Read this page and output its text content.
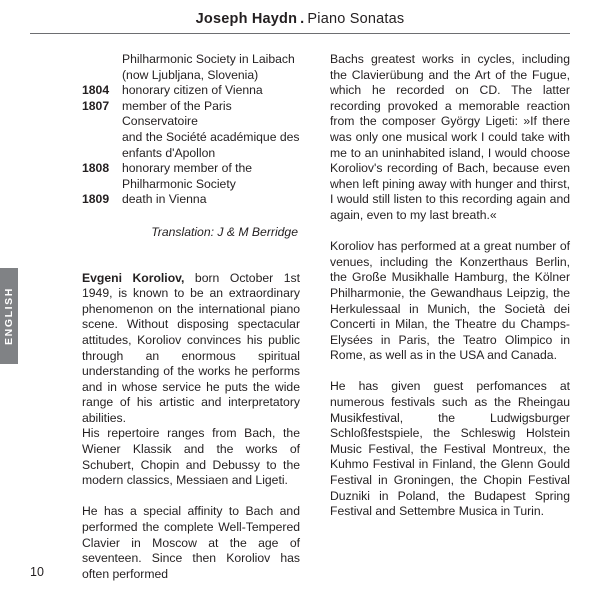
Joseph Haydn . Piano Sonatas
ENGLISH
10
Philharmonic Society in Laibach
(now Ljubljana, Slovenia)
1804	honorary citizen of Vienna
1807	member of the Paris Conservatoire
and the Société académique des
enfants d'Apollon
1808	honorary member of the
Philharmonic Society
1809	death in Vienna
Translation: J & M Berridge

Evgeni Koroliov, born October 1st 1949, is known to be an extraordinary phenomenon on the international piano scene. Without disposing spectacular attitudes, Koroliov convinces his public through an enormous spiritual understanding of the works he performs and in whose service he puts the wide range of his artistic and interpretatory abilities.

His repertoire ranges from Bach, the Wiener Klassik and the works of Schubert, Chopin and Debussy to the modern classics, Messiaen and Ligeti.

He has a special affinity to Bach and performed the complete Well-Tempered Clavier in Moscow at the age of seventeen. Since then Koroliov has often performed

Bachs greatest works in cycles, including the Clavierübung and the Art of the Fugue, which he recorded on CD. The latter recording provoked a memorable reaction from the composer György Ligeti: »If there was only one musical work I could take with me to an uninhabited island, I would choose Koroliov's recording of Bach, because even when left pining away with hunger and thirst, I would still listen to this recording again and again, even to my last breath.«

Koroliov has performed at a great number of venues, including the Konzerthaus Berlin, the Große Musikhalle Hamburg, the Kölner Philharmonie, the Gewandhaus Leipzig, the Herkulessaal in Munich, the Società dei Concerti in Milan, the Theatre du Champs-Elysées in Paris, the Teatro Olimpico in Rome, as well as in the USA and Canada.

He has given guest perfomances at numerous festivals such as the Rheingau Musikfestival, the Ludwigsburger Schloßfestspiele, the Schleswig Holstein Music Festival, the Festival Montreux, the Kuhmo Festival in Finland, the Glenn Gould Festival in Groningen, the Chopin Festival Duzniki in Poland, the Budapest Spring Festival and Settembre Musica in Turin.
